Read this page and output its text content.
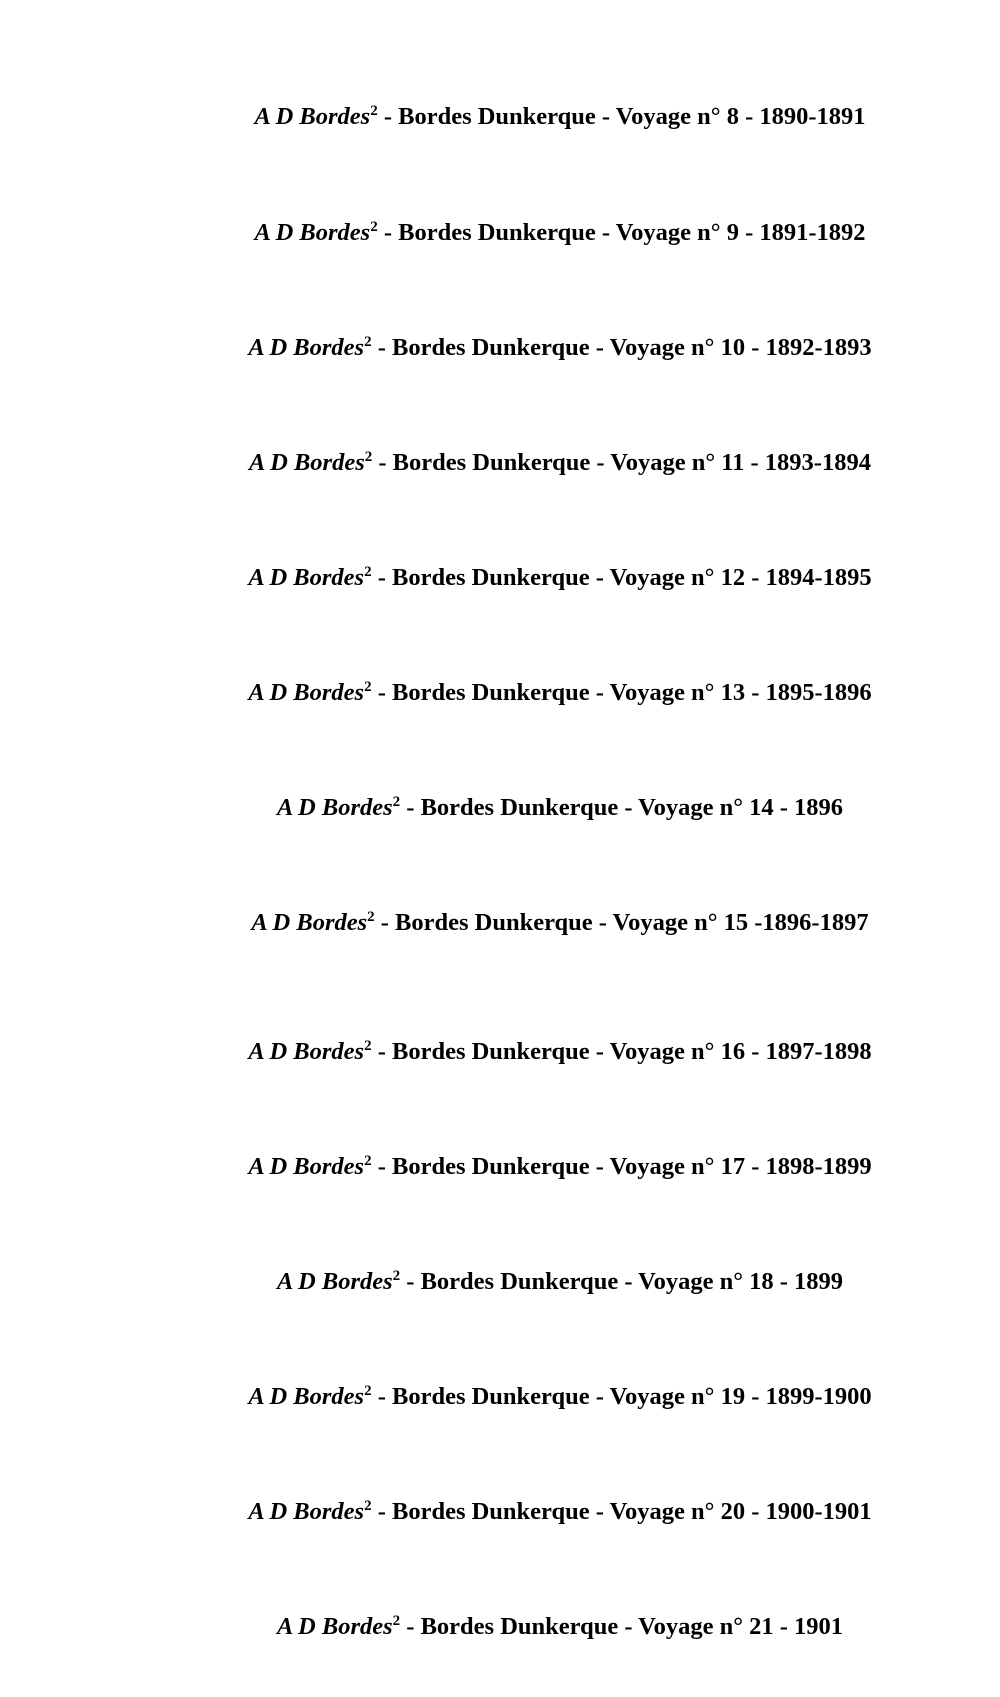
A D Bordes$^2$ - Bordes Dunkerque - Voyage n° 8 - 1890-1891
A D Bordes$^2$ - Bordes Dunkerque - Voyage n° 9 - 1891-1892
A D Bordes$^2$ - Bordes Dunkerque - Voyage n° 10 - 1892-1893
A D Bordes$^2$ - Bordes Dunkerque - Voyage n° 11 - 1893-1894
A D Bordes$^2$ - Bordes Dunkerque - Voyage n° 12 - 1894-1895
A D Bordes$^2$ - Bordes Dunkerque - Voyage n° 13 - 1895-1896
A D Bordes$^2$ - Bordes Dunkerque - Voyage n° 14 - 1896
A D Bordes$^2$ - Bordes Dunkerque - Voyage n° 15 -1896-1897
A D Bordes$^2$ - Bordes Dunkerque - Voyage n° 16 - 1897-1898
A D Bordes$^2$ - Bordes Dunkerque - Voyage n° 17 - 1898-1899
A D Bordes$^2$ - Bordes Dunkerque - Voyage n° 18 - 1899
A D Bordes$^2$ - Bordes Dunkerque - Voyage n° 19 - 1899-1900
A D Bordes$^2$ - Bordes Dunkerque - Voyage n° 20 - 1900-1901
A D Bordes$^2$ - Bordes Dunkerque - Voyage n° 21 - 1901
